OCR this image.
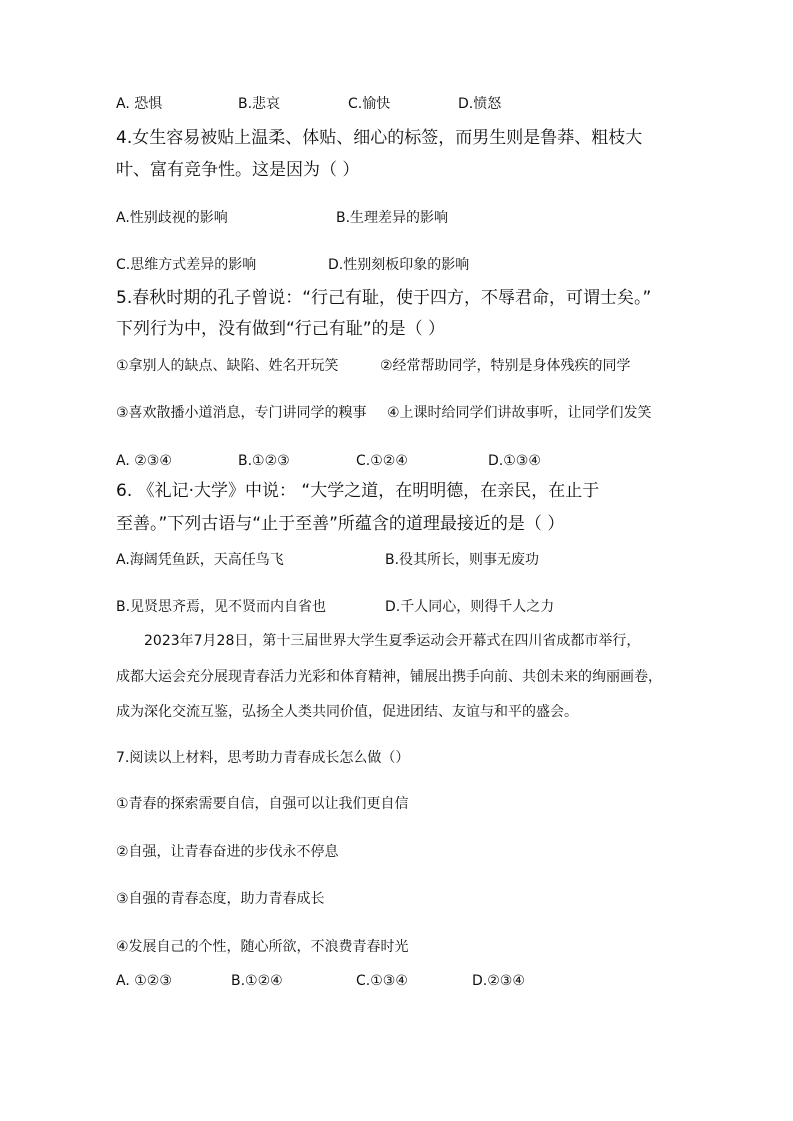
A. 恐惧	B.悲哀	C.愉快	D.愤怒
4.女生容易被贴上温柔、体贴、细心的标签，而男生则是鲁莽、粗枝大
叶、富有竞争性。这是因为（ ）
A.性别歧视的影响	B.生理差异的影响
C.思维方式差异的影响	D.性别刻板印象的影响
5.春秋时期的孔子曾说：“行己有耻，使于四方，不辱君命，可谓士矣。”
下列行为中，没有做到“行己有耻”的是（ ）
①拿别人的缺点、缺陷、姓名开玩笑	②经常帮助同学，特别是身体残疾的同学
③喜欢散播小道消息，专门讲同学的糗事 ④上课时给同学们讲故事听，让同学们发笑
A. ②③④	B.①②③	C.①②④	D.①③④
6. 《礼记·大学》中说： “大学之道，在明明德，在亲民，在止于
至善。”下列古语与“止于至善”所蕴含的道理最接近的是（ ）
A.海阔凭鱼跃，天高任鸟飞	B.役其所长，则事无废功
B.见贤思齐焉，见不贤而内自省也	D.千人同心，则得千人之力
2023年7月28日，第十三届世界大学生夏季运动会开幕式在四川省成都市举行，
成都大运会充分展现青春活力光彩和体育精神，铺展出携手向前、共创未来的绚丽画卷，
成为深化交流互鉴，弘扬全人类共同价值，促进团结、友谊与和平的盛会。
7.阅读以上材料，思考助力青春成长怎么做（）
①青春的探索需要自信，自强可以让我们更自信
②自强，让青春奋进的步伐永不停息
③自强的青春态度，助力青春成长
④发展自己的个性，随心所欲，不浪费青春时光
A. ①②③	B.①②④	C.①③④	D.②③④
